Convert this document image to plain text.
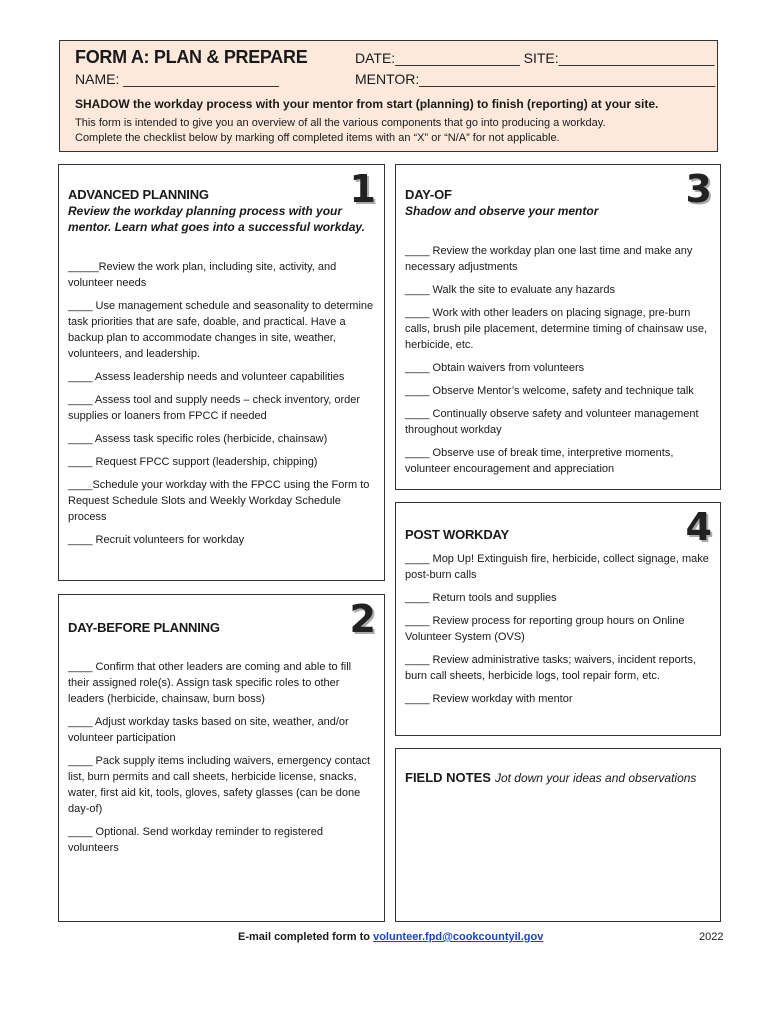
FORM A: PLAN & PREPARE
NAME: ____________________
DATE:________________ SITE:____________________
MENTOR:______________________________________
SHADOW the workday process with your mentor from start (planning) to finish (reporting) at your site.
This form is intended to give you an overview of all the various components that go into producing a workday.
Complete the checklist below by marking off completed items with an “X” or “N/A” for not applicable.
1
ADVANCED PLANNING
Review the workday planning process with your mentor. Learn what goes into a successful workday.
_____Review the work plan, including site, activity, and volunteer needs
____ Use management schedule and seasonality to determine task priorities that are safe, doable, and practical. Have a backup plan to accommodate changes in site, weather, volunteers, and leadership.
____ Assess leadership needs and volunteer capabilities
____ Assess tool and supply needs – check inventory, order supplies or loaners from FPCC if needed
____ Assess task specific roles (herbicide, chainsaw)
____ Request FPCC support (leadership, chipping)
____Schedule your workday with the FPCC using the Form to Request Schedule Slots and Weekly Workday Schedule process
____ Recruit volunteers for workday
2
DAY-BEFORE PLANNING
____ Confirm that other leaders are coming and able to fill their assigned role(s). Assign task specific roles to other leaders (herbicide, chainsaw, burn boss)
____ Adjust workday tasks based on site, weather, and/or volunteer participation
____ Pack supply items including waivers, emergency contact list, burn permits and call sheets, herbicide license, snacks, water, first aid kit, tools, gloves, safety glasses (can be done day-of)
____ Optional. Send workday reminder to registered volunteers
3
DAY-OF
Shadow and observe your mentor
____ Review the workday plan one last time and make any necessary adjustments
____ Walk the site to evaluate any hazards
____ Work with other leaders on placing signage, pre-burn calls, brush pile placement, determine timing of chainsaw use, herbicide, etc.
____ Obtain waivers from volunteers
____ Observe Mentor’s welcome, safety and technique talk
____ Continually observe safety and volunteer management throughout workday
____ Observe use of break time, interpretive moments, volunteer encouragement and appreciation
4
POST WORKDAY
____ Mop Up! Extinguish fire, herbicide, collect signage, make post-burn calls
____ Return tools and supplies
____ Review process for reporting group hours on Online Volunteer System (OVS)
____ Review administrative tasks; waivers, incident reports, burn call sheets, herbicide logs, tool repair form, etc.
____ Review workday with mentor
FIELD NOTES Jot down your ideas and observations
E-mail completed form to volunteer.fpd@cookcountyil.gov	2022
